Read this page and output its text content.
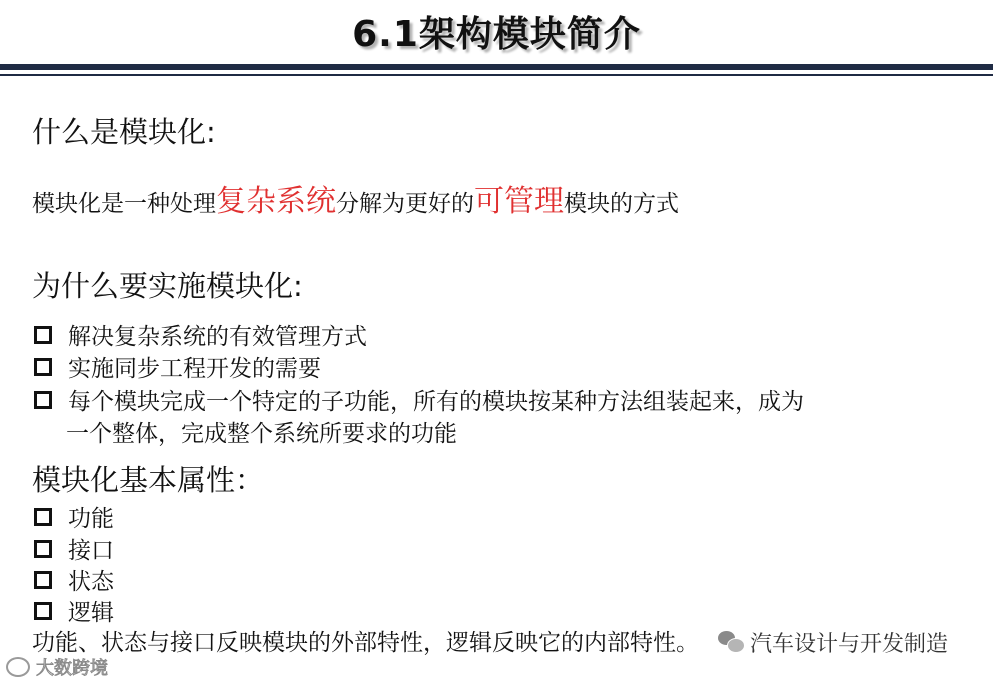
6.1架构模块简介
什么是模块化:
模块化是一种处理复杂系统分解为更好的可管理模块的方式
为什么要实施模块化:
解决复杂系统的有效管理方式
实施同步工程开发的需要
每个模块完成一个特定的子功能，所有的模块按某种方法组装起来，成为
一个整体，完成整个系统所要求的功能
模块化基本属性：
功能
接口
状态
逻辑
功能、状态与接口反映模块的外部特性，逻辑反映它的内部特性。
大数跨境
汽车设计与开发制造
